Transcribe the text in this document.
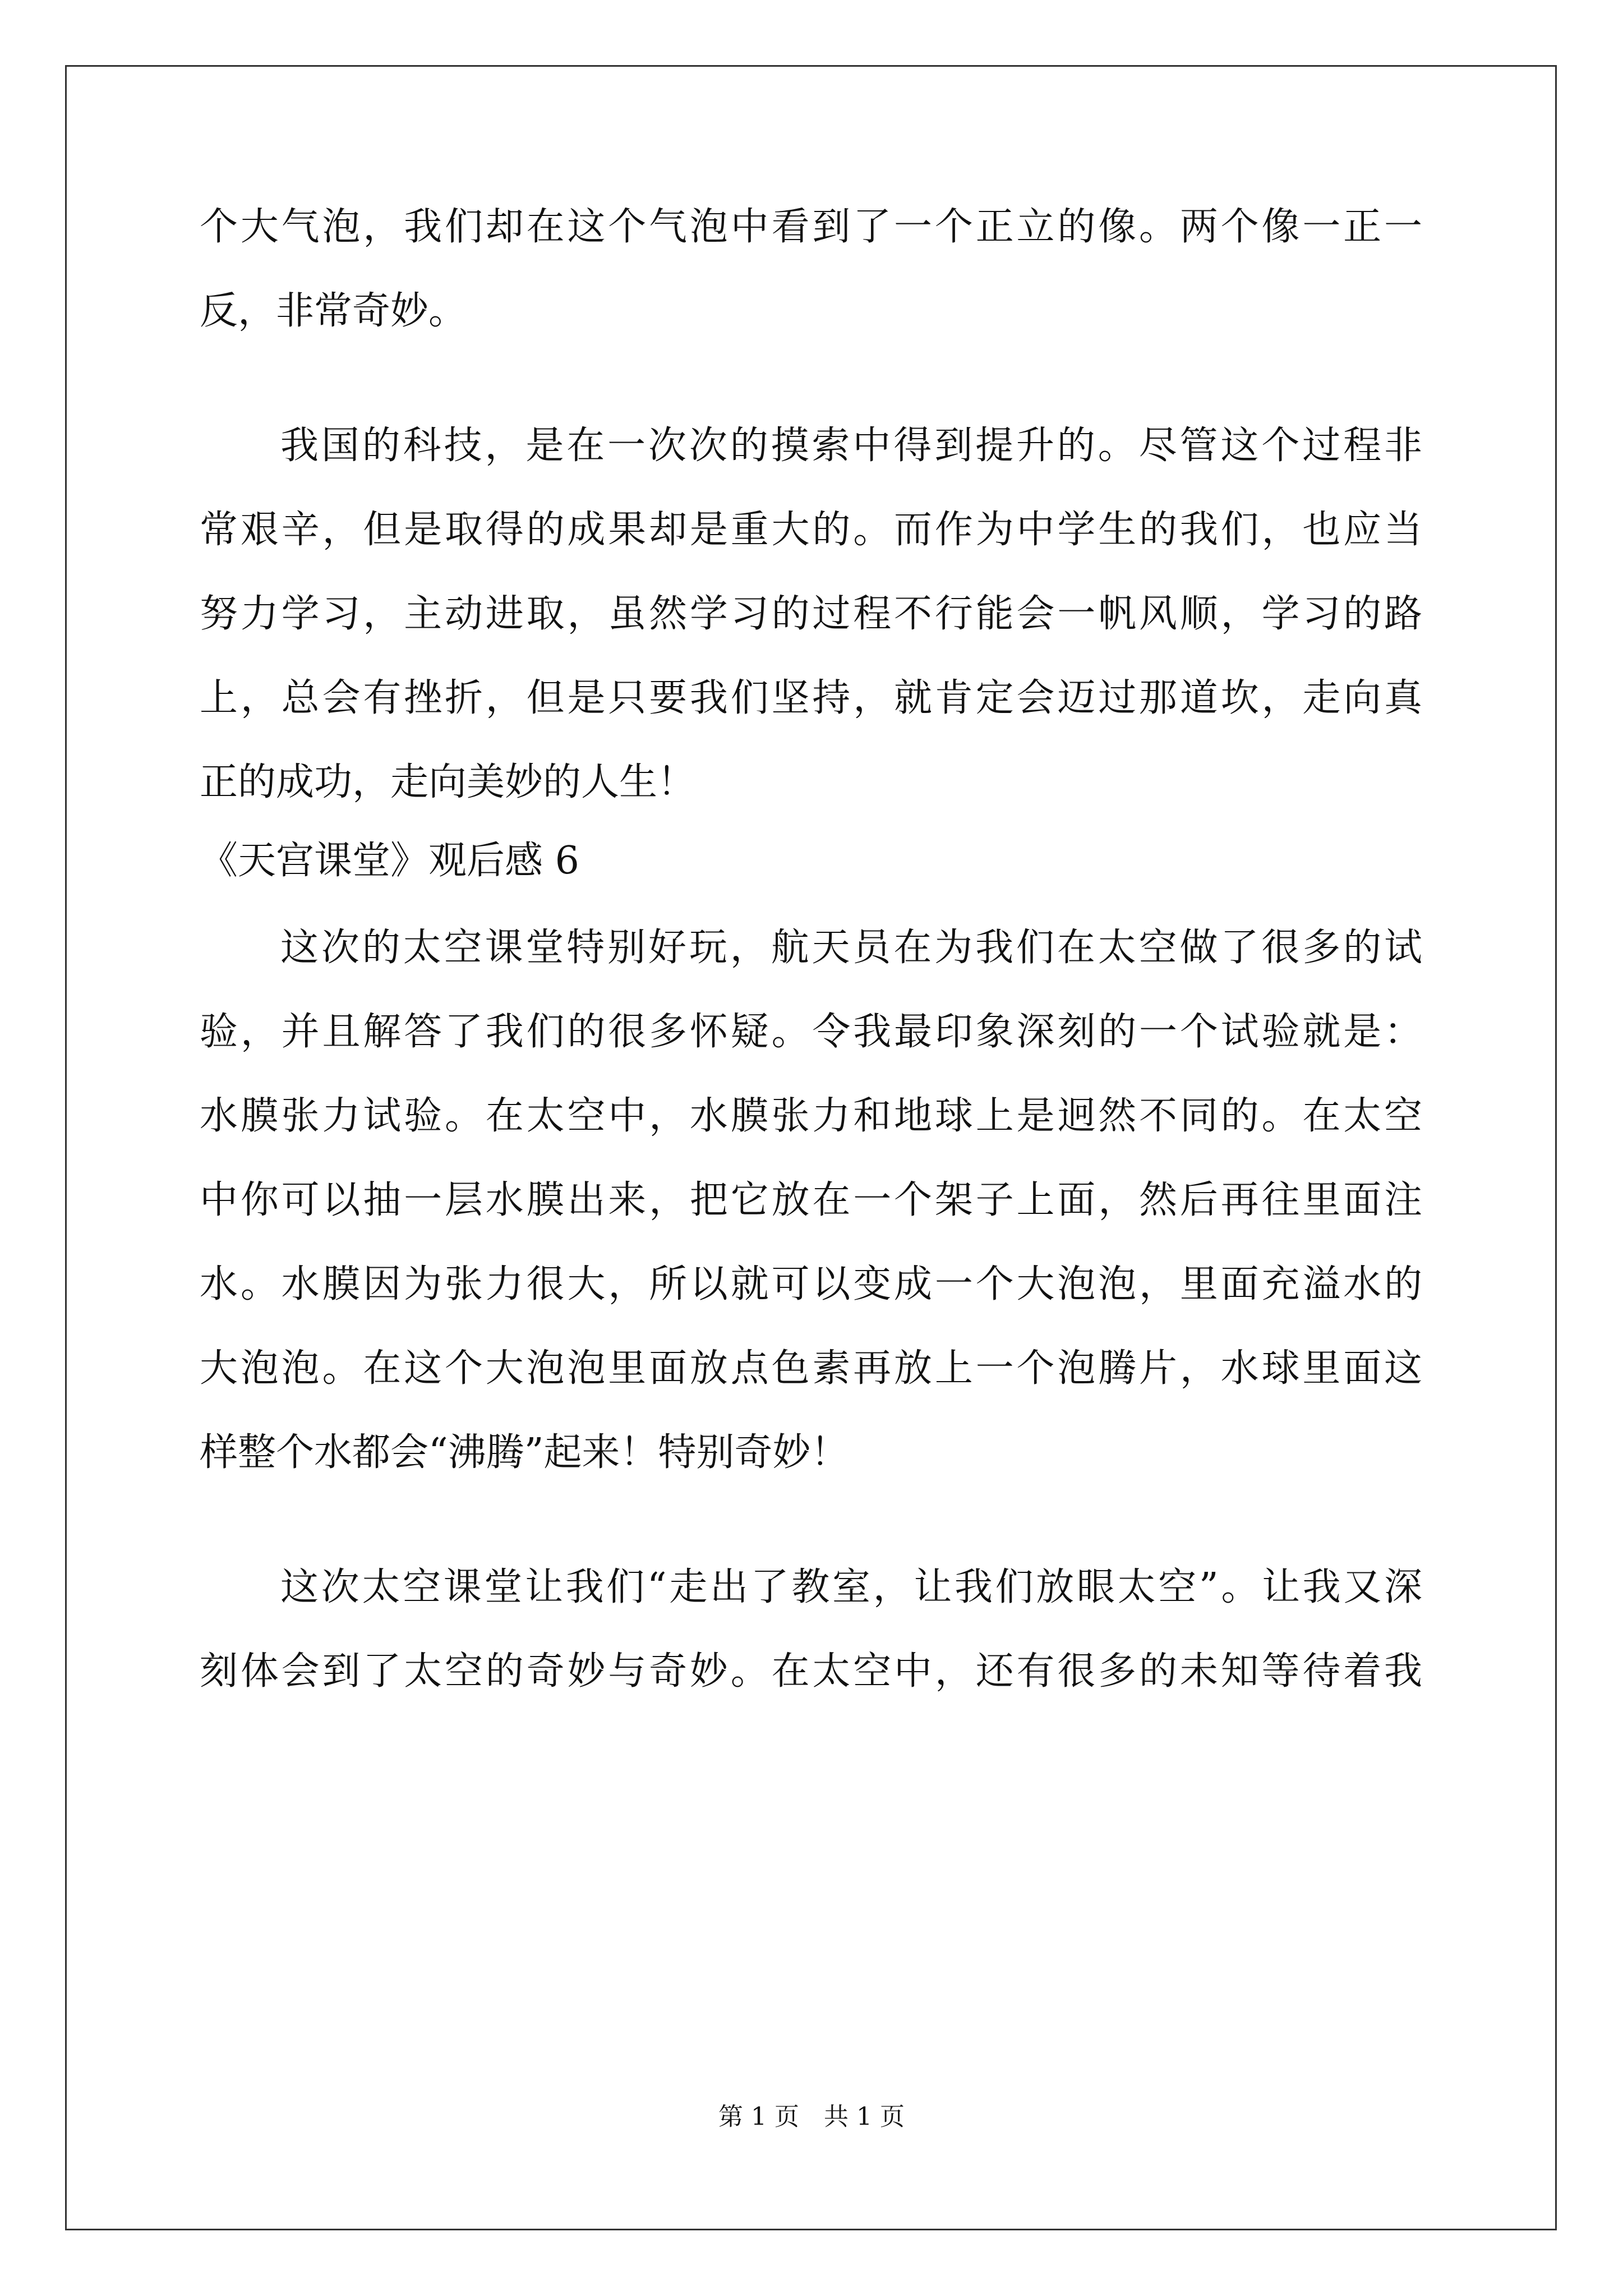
个大气泡，我们却在这个气泡中看到了一个正立的像。两个像一正一
反，非常奇妙。
我国的科技，是在一次次的摸索中得到提升的。尽管这个过程非
常艰辛，但是取得的成果却是重大的。而作为中学生的我们，也应当
努力学习，主动进取，虽然学习的过程不行能会一帆风顺，学习的路
上，总会有挫折，但是只要我们坚持，就肯定会迈过那道坎，走向真
正的成功，走向美妙的人生！
《天宫课堂》观后感 6
这次的太空课堂特别好玩，航天员在为我们在太空做了很多的试
验，并且解答了我们的很多怀疑。令我最印象深刻的一个试验就是：
水膜张力试验。在太空中，水膜张力和地球上是迥然不同的。在太空
中你可以抽一层水膜出来，把它放在一个架子上面，然后再往里面注
水。水膜因为张力很大，所以就可以变成一个大泡泡，里面充溢水的
大泡泡。在这个大泡泡里面放点色素再放上一个泡腾片，水球里面这
样整个水都会“沸腾”起来！特别奇妙！
这次太空课堂让我们“走出了教室，让我们放眼太空”。让我又深
刻体会到了太空的奇妙与奇妙。在太空中，还有很多的未知等待着我
第 1 页　共 1 页
